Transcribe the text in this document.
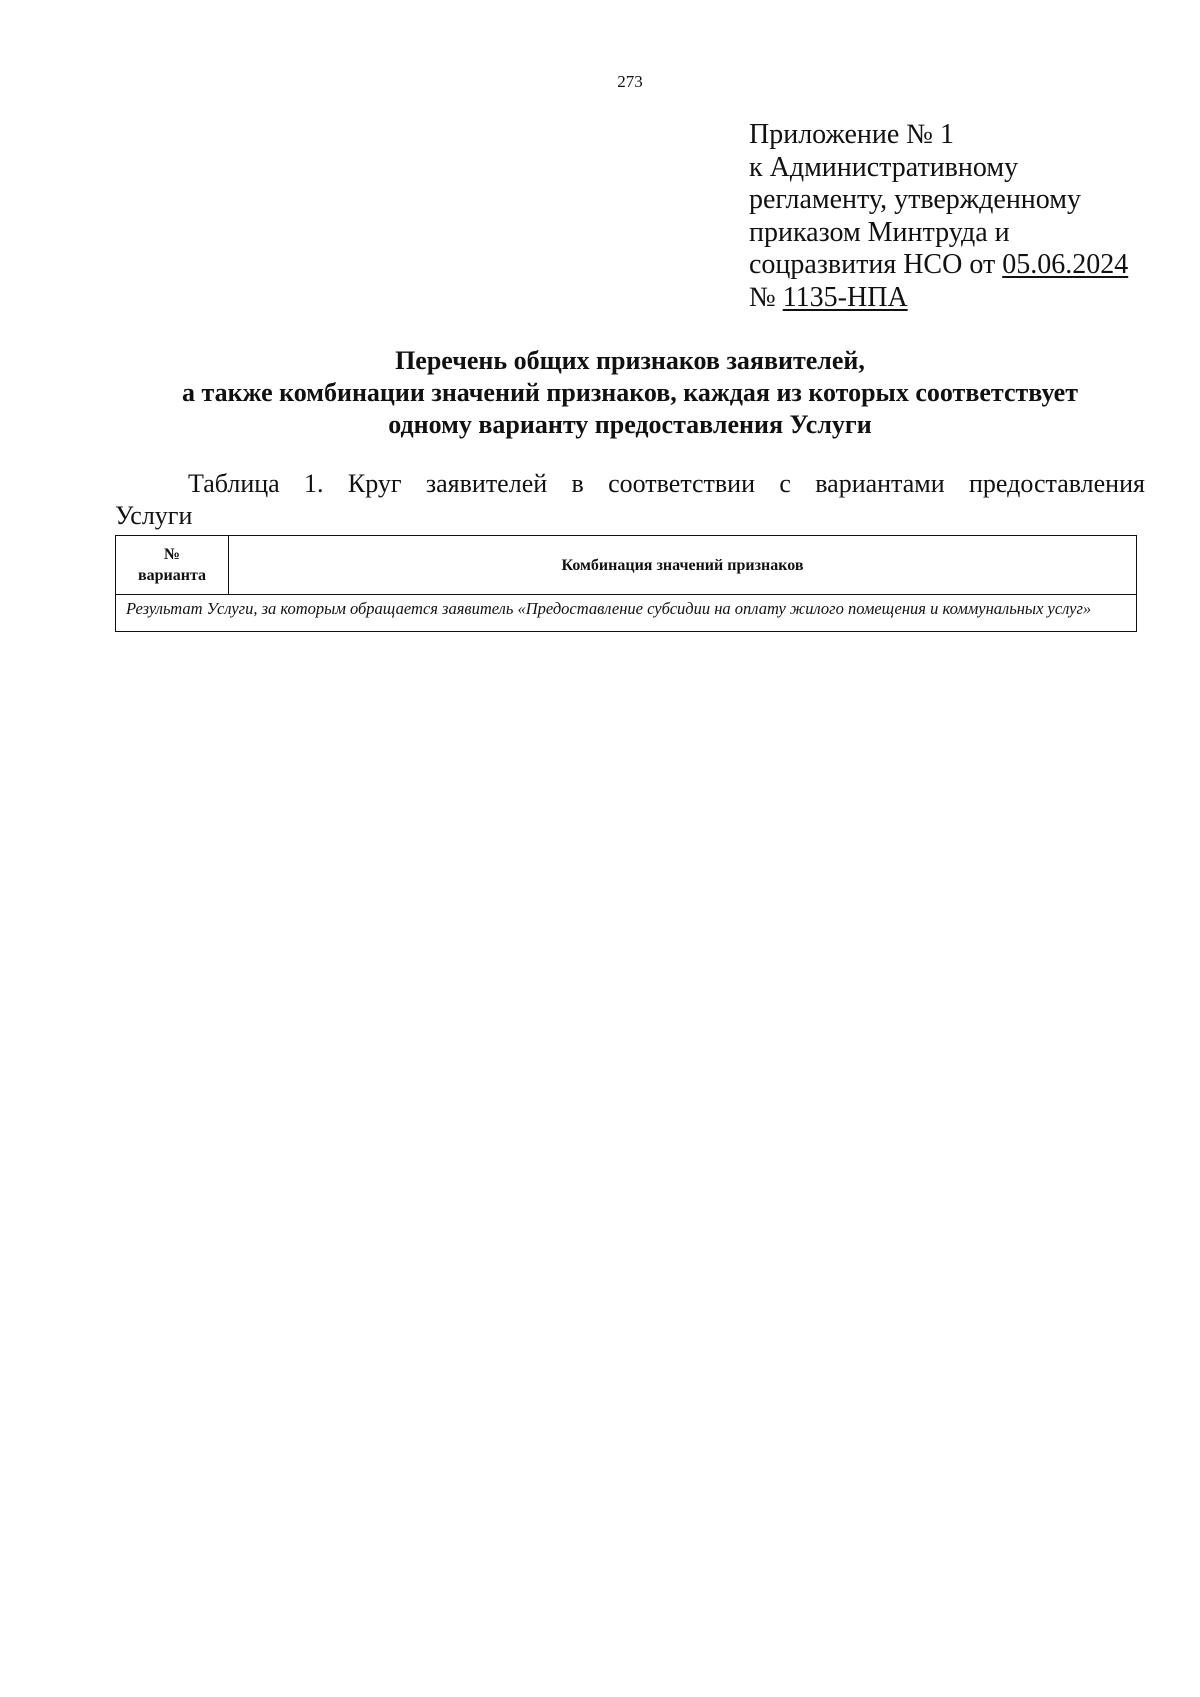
273
Приложение № 1
к Административному
регламенту, утвержденному
приказом Минтруда и
соцразвития НСО от 05.06.2024
№ 1135-НПА
Перечень общих признаков заявителей,
а также комбинации значений признаков, каждая из которых соответствует
одному варианту предоставления Услуги
Таблица 1. Круг заявителей в соответствии с вариантами предоставления
Услуги
№
варианта
	Комбинация значений признаков
Результат Услуги, за которым обращается заявитель «Предоставление субсидии на оплату жилого помещения и коммунальных услуг»
